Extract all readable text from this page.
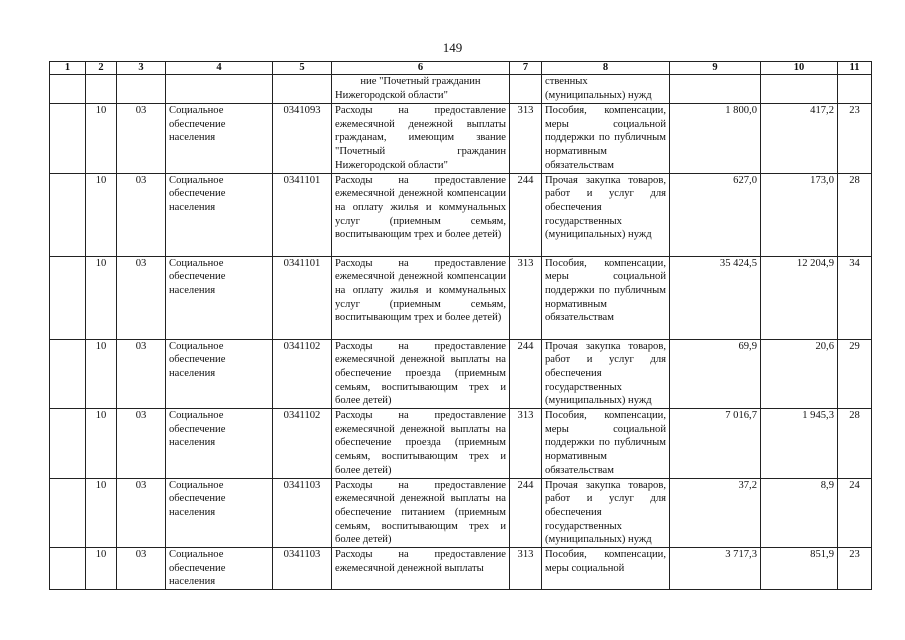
149
1	2	3	4	5	6	7	8	9	10	11
					ние "Почетный гражданин Нижегородской области"		ственных (муниципальных) нужд			
	10	03	Социальное обеспечение населения	0341093	Расходы на предоставление ежемесячной денежной выплаты гражданам, имеющим звание "Почетный гражданин Нижегородской области"	313	Пособия, компенсации, меры социальной поддержки по публичным нормативным обязательствам	1 800,0	417,2	23
	10	03	Социальное обеспечение населения	0341101	Расходы на предоставление ежемесячной денежной компенсации на оплату жилья и коммунальных услуг (приемным семьям, воспитывающим трех и более детей)	244	Прочая закупка товаров, работ и услуг для обеспечения государственных (муниципальных) нужд	627,0	173,0	28
	10	03	Социальное обеспечение населения	0341101	Расходы на предоставление ежемесячной денежной компенсации на оплату жилья и коммунальных услуг (приемным семьям, воспитывающим трех и более детей)	313	Пособия, компенсации, меры социальной поддержки по публичным нормативным обязательствам	35 424,5	12 204,9	34
	10	03	Социальное обеспечение населения	0341102	Расходы на предоставление ежемесячной денежной выплаты на обеспечение проезда (приемным семьям, воспитывающим трех и более детей)	244	Прочая закупка товаров, работ и услуг для обеспечения государственных (муниципальных) нужд	69,9	20,6	29
	10	03	Социальное обеспечение населения	0341102	Расходы на предоставление ежемесячной денежной выплаты на обеспечение проезда (приемным семьям, воспитывающим трех и более детей)	313	Пособия, компенсации, меры социальной поддержки по публичным нормативным обязательствам	7 016,7	1 945,3	28
	10	03	Социальное обеспечение населения	0341103	Расходы на предоставление ежемесячной денежной выплаты на обеспечение питанием (приемным семьям, воспитывающим трех и более детей)	244	Прочая закупка товаров, работ и услуг для обеспечения государственных (муниципальных) нужд	37,2	8,9	24
	10	03	Социальное обеспечение населения	0341103	Расходы на предоставление ежемесячной денежной выплаты	313	Пособия, компенсации, меры социальной	3 717,3	851,9	23
